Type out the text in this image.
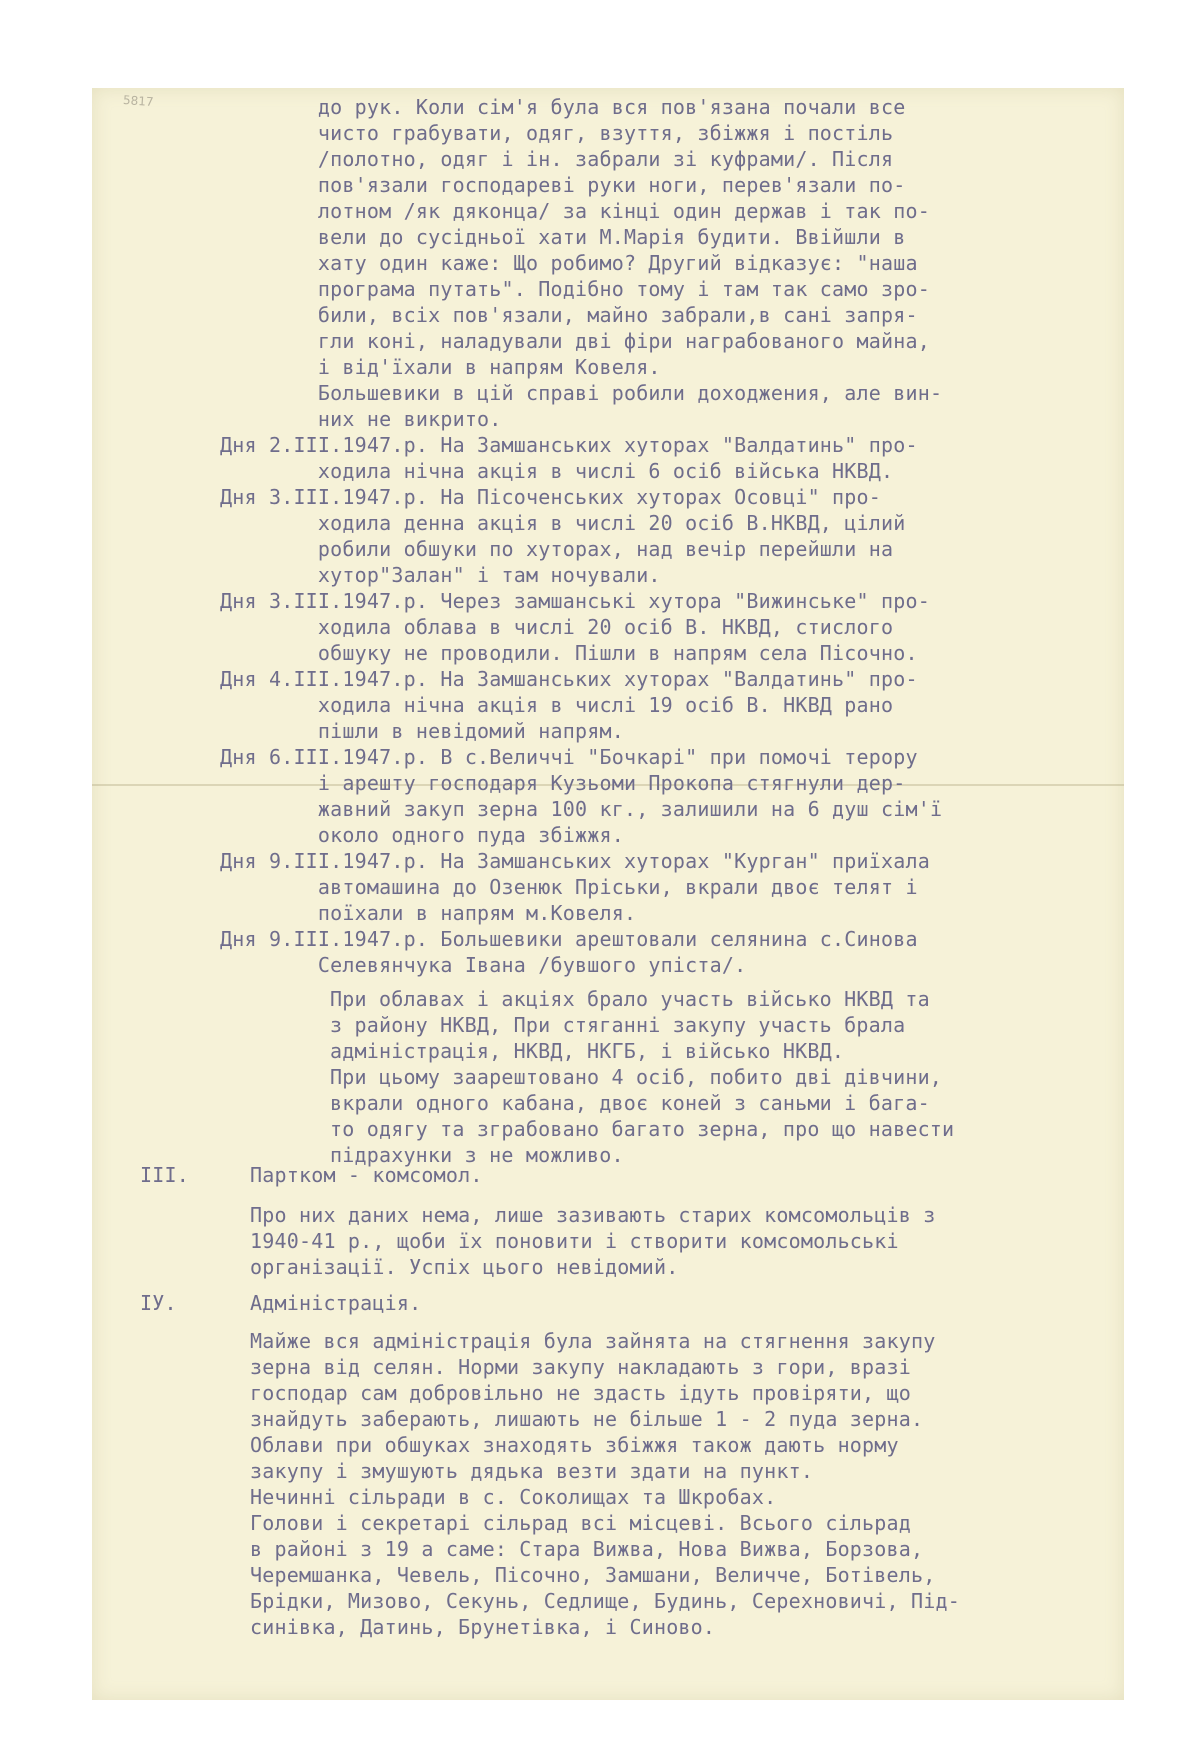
5817	до рук. Коли сім'я була вся пов'язана почали все
чисто грабувати, одяг, взуття, збіжжя і постіль
/полотно, одяг і ін. забрали зі куфрами/. Після
пов'язали господареві руки ноги, перев'язали по-
лотном /як дяконца/ за кінці один держав і так по-
вели до сусідньої хати М.Марія будити. Ввійшли в
хату один каже: Що робимо? Другий відказує: "наша
програма путать". Подібно тому і там так само зро-
били, всіх пов'язали, майно забрали,в сані запря-
гли коні, наладували дві фіри награбованого майна,
і від'їхали в напрям Ковеля.
Большевики в цій справі робили доходжения, але вин-
них не викрито.
Дня 2.ІІІ.1947.р. На Замшанських хуторах "Валдатинь" про-
ходила нічна акція в числі 6 осіб війська НКВД.
Дня 3.ІІІ.1947.р. На Пісоченських хуторах Осовці" про-
ходила денна акція в числі 20 осіб В.НКВД, цілий
робили обшуки по хуторах, над вечір перейшли на
хутор"Залан" і там ночували.
Дня 3.ІІІ.1947.р. Через замшанські хутора "Вижинське" про-
ходила облава в числі 20 осіб В. НКВД, стислого
обшуку не проводили. Пішли в напрям села Пісочно.
Дня 4.ІІІ.1947.р. На Замшанських хуторах "Валдатинь" про-
ходила нічна акція в числі 19 осіб В. НКВД рано
пішли в невідомий напрям.
Дня 6.ІІІ.1947.р. В с.Величчі "Бочкарі" при помочі терору
і арешту господаря Кузьоми Прокопа стягнули дер-
жавний закуп зерна 100 кг., залишили на 6 душ сім'ї
около одного пуда збіжжя.
Дня 9.ІІІ.1947.р. На Замшанських хуторах "Курган" приїхала
автомашина до Озенюк Пріськи, вкрали двоє телят і
поїхали в напрям м.Ковеля.
Дня 9.ІІІ.1947.р. Большевики арештовали селянина с.Синова
Селевянчука Івана /бувшого упіста/.
При облавах і акціях брало участь військо НКВД та
з району НКВД, При стяганні закупу участь брала
адміністрація, НКВД, НКГБ, і військо НКВД.
При цьому заарештовано 4 осіб, побито дві дівчини,
вкрали одного кабана, двоє коней з саньми і бага-
то одягу та зграбовано багато зерна, про що навести
підрахунки з не можливо.
ІІІ.	Партком - комсомол.
Про них даних нема, лише зазивають старих комсомольців з
1940-41 р., щоби їх поновити і створити комсомольські
організації. Успіх цього невідомий.
ІУ.	Адміністрація.
Майже вся адміністрація була зайнята на стягнення закупу
зерна від селян. Норми закупу накладають з гори, вразі
господар сам добровільно не здасть ідуть провіряти, що
знайдуть заберають, лишають не більше 1 - 2 пуда зерна.
Облави при обшуках знаходять збіжжя також дають норму
закупу і змушують дядька везти здати на пункт.
Нечинні сільради в с. Соколищах та Шкробах.
Голови і секретарі сільрад всі місцеві. Всього сільрад
в районі з 19 а саме: Стара Вижва, Нова Вижва, Борзова,
Черемшанка, Чевель, Пісочно, Замшани, Величче, Ботівель,
Брідки, Мизово, Секунь, Седлище, Будинь, Серехновичі, Під-
синівка, Датинь, Брунетівка, і Синово.
